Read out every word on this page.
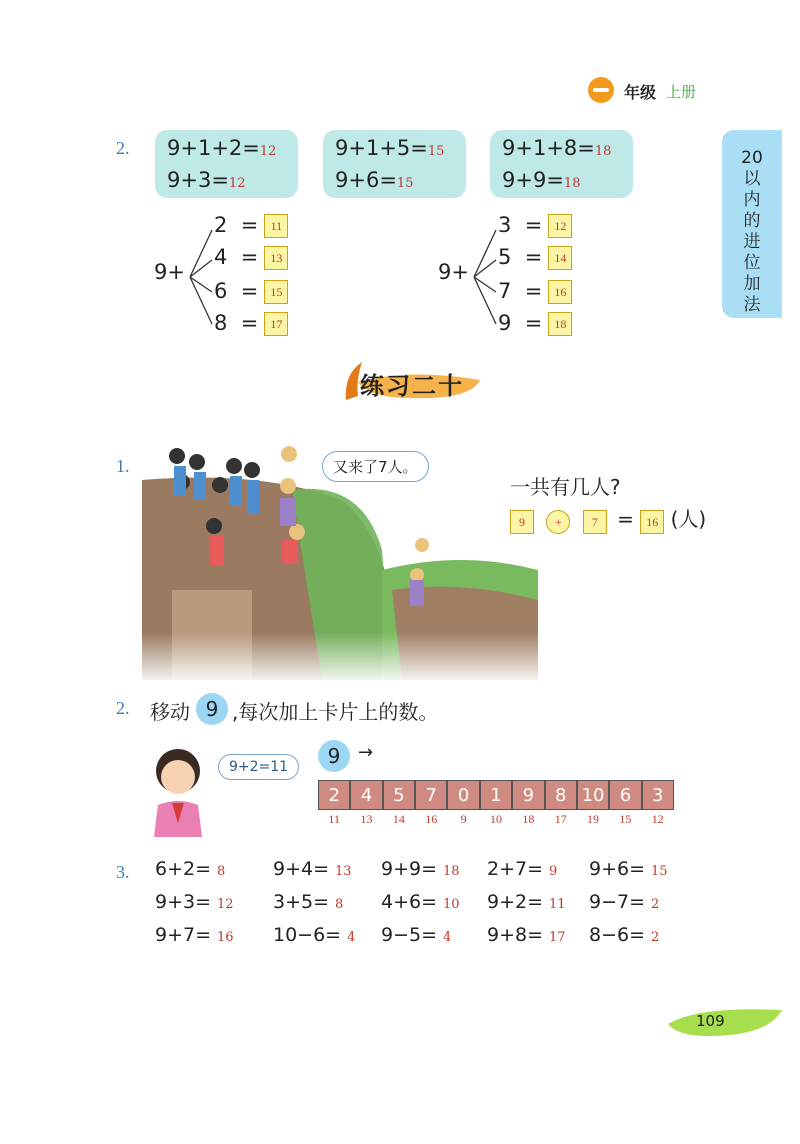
年级 上册
20以内的进位加法
2. 9+1+2=12
9+3=12
9+1+5=15
9+6=15
9+1+8=18
9+9=18
9+
2 = 11
4 = 13
6 = 15
8 = 17
9+
3 = 12
5 = 14
7 = 16
9 = 18
练习二十
1.	又来了7人。
一共有几人?
9 + 7 = 16 (人)
2. 移动 9 ,每次加上卡片上的数。
9+2=11	9 →
2	4	5	7	0	1	9	8 10 6	3
11	13	14	16	9	10	18	17	19	15	12
3. 6+2= 8	9+4= 13 9+9= 18 2+7= 9 9+6= 15
9+3= 12 3+5= 8 4+6= 10 9+2= 11 9−7= 2
9+7= 16 10−6= 4 9−5= 4 9+8= 17 8−6= 2
109
